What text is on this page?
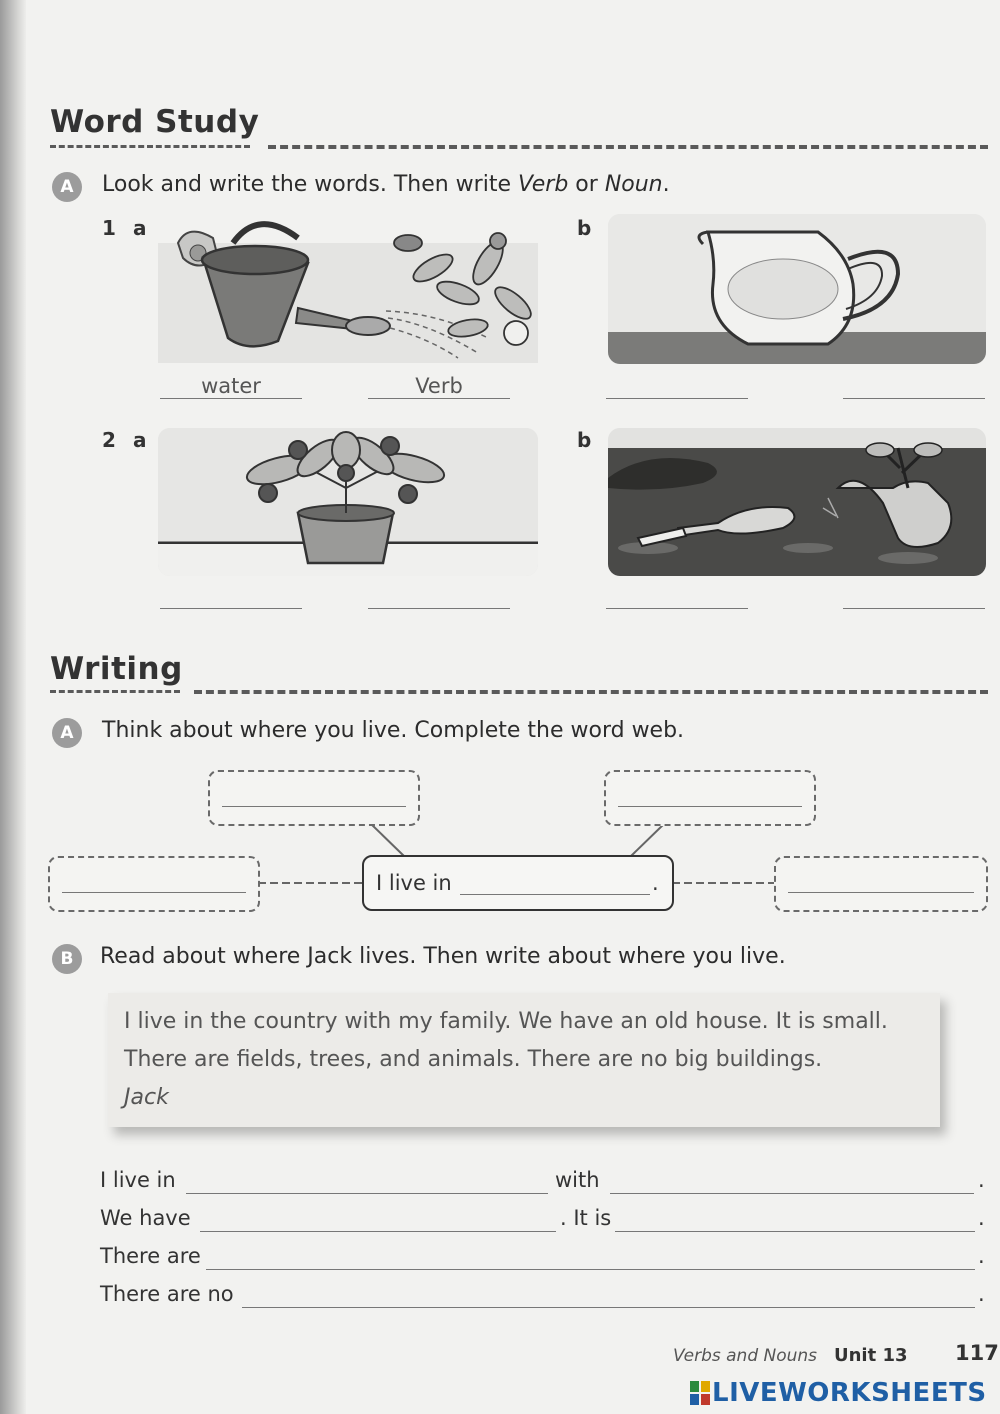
Word Study
A	Look and write the words. Then write Verb or Noun.
1 a	b
water	Verb
2 a	b
Writing
A	Think about where you live. Complete the word web.
I live in	.
B	Read about where Jack lives. Then write about where you live.

I live in the country with my family. We have an old house. It is small.

There are fields, trees, and animals. There are no big buildings.

Jack

I live in	with	.
We have	. It is	.
There are	.
There are no	.
Verbs and Nouns Unit 13 117
LIVEWORKSHEETS
